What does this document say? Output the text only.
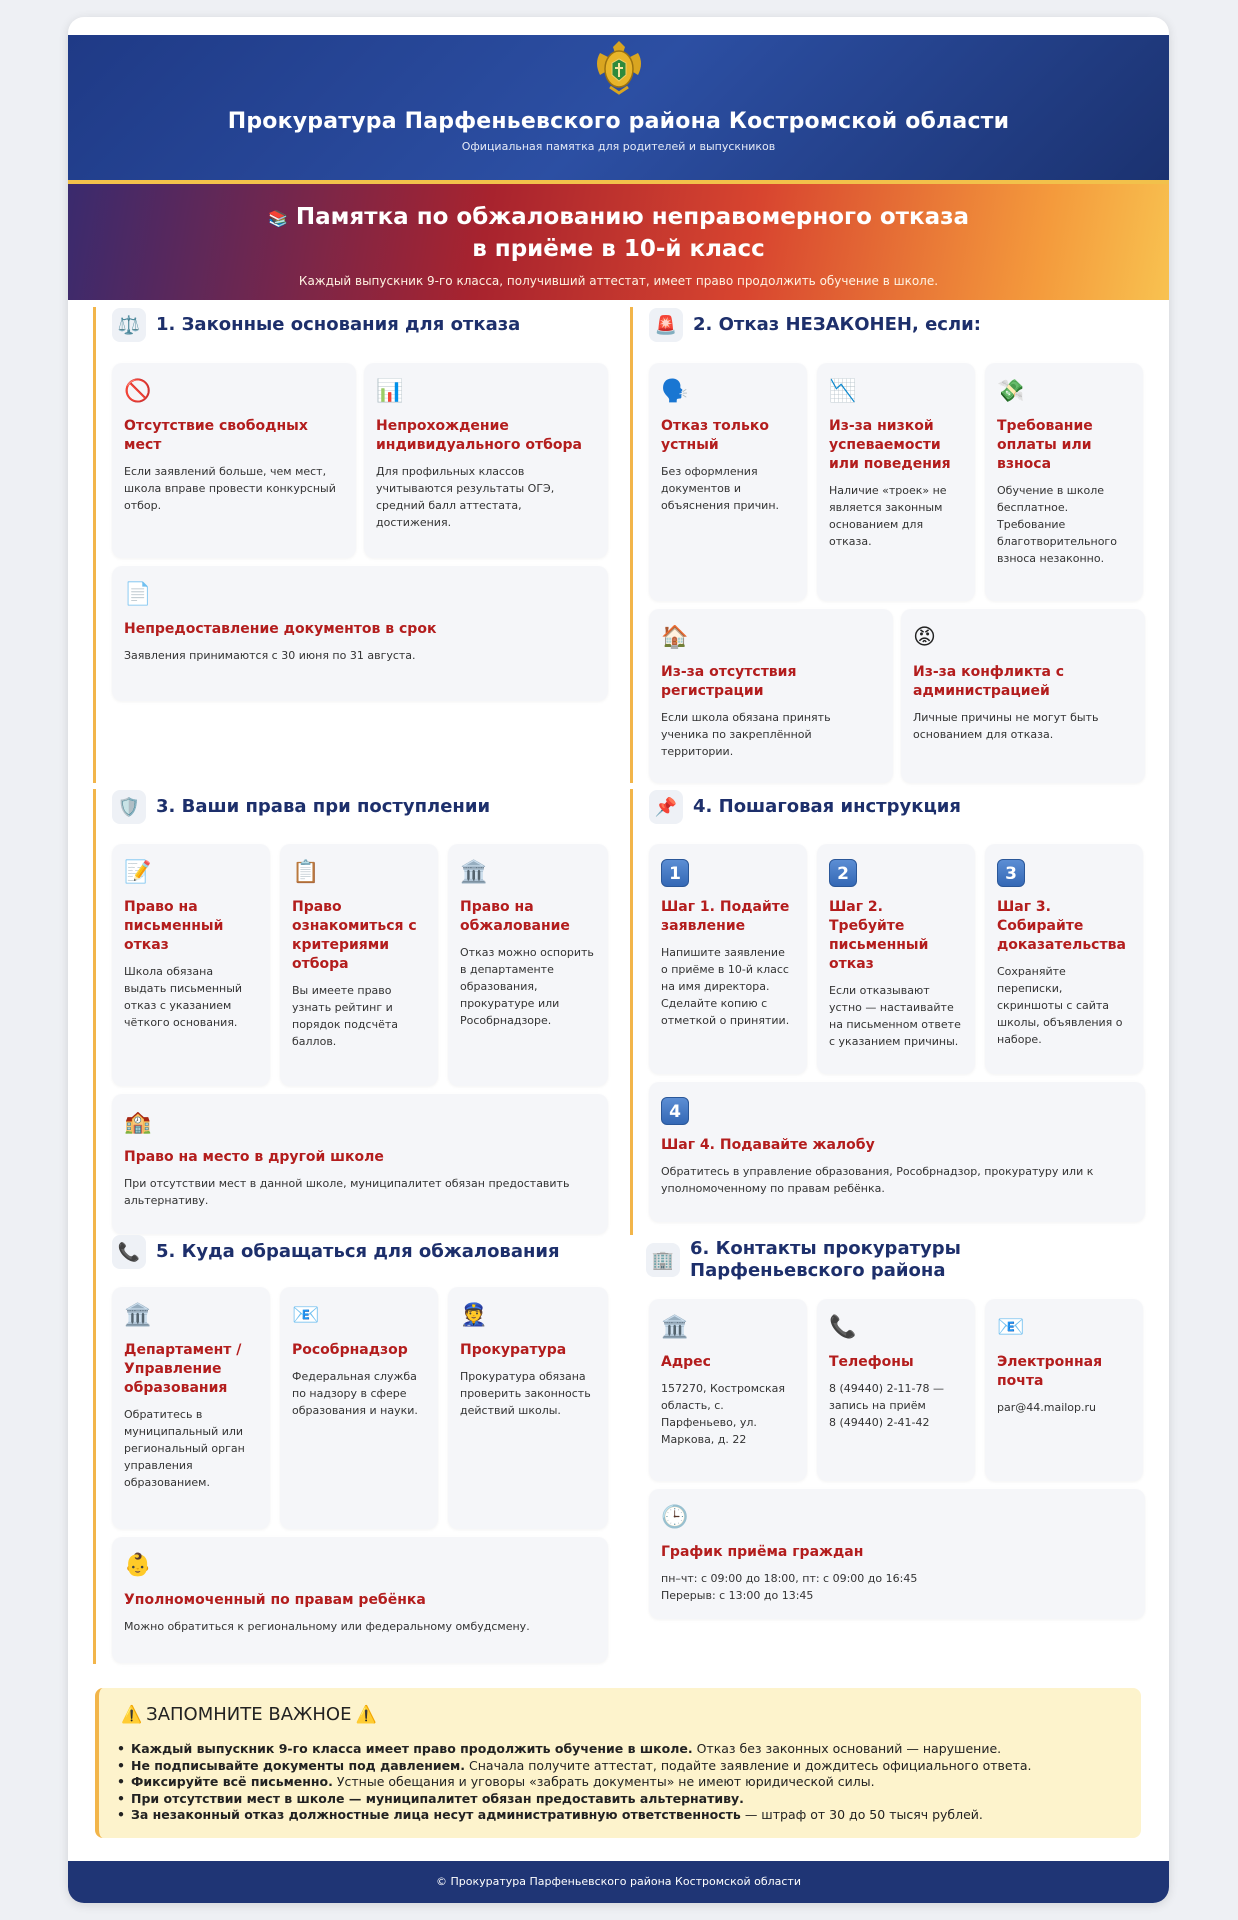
Прокуратура Парфеньевского района Костромской области
Официальная памятка для родителей и выпускников
📚 Памятка по обжалованию неправомерного отказа
в приёме в 10-й класс
Каждый выпускник 9-го класса, получивший аттестат, имеет право продолжить обучение в школе.
⚖️ 1. Законные основания для отказа
🚫
Отсутствие свободных мест
Если заявлений больше, чем мест, школа вправе провести конкурсный отбор.
📊
Непрохождение индивидуального отбора
Для профильных классов учитываются результаты ОГЭ, средний балл аттестата, достижения.
📄
Непредоставление документов в срок
Заявления принимаются с 30 июня по 31 августа.
🚨 2. Отказ НЕЗАКОНЕН, если:
🗣️
Отказ только устный
Без оформления документов и объяснения причин.
📉
Из-за низкой успеваемости или поведения
Наличие «троек» не является законным основанием для отказа.
💸
Требование оплаты или взноса
Обучение в школе бесплатное. Требование благотворительного взноса незаконно.
🏠
Из-за отсутствия регистрации
Если школа обязана принять ученика по закреплённой территории.
😡
Из-за конфликта с администрацией
Личные причины не могут быть основанием для отказа.
🛡️ 3. Ваши права при поступлении
📝
Право на письменный отказ
Школа обязана выдать письменный отказ с указанием чёткого основания.
📋
Право ознакомиться с критериями отбора
Вы имеете право узнать рейтинг и порядок подсчёта баллов.
🏛️
Право на обжалование
Отказ можно оспорить в департаменте образования, прокуратуре или Рособрнадзоре.
🏫
Право на место в другой школе
При отсутствии мест в данной школе, муниципалитет обязан предоставить альтернативу.
📌 4. Пошаговая инструкция
1
Шаг 1. Подайте заявление
Напишите заявление о приёме в 10-й класс на имя директора. Сделайте копию с отметкой о принятии.
2
Шаг 2. Требуйте письменный отказ
Если отказывают устно — настаивайте на письменном ответе с указанием причины.
3
Шаг 3. Собирайте доказательства
Сохраняйте переписки, скриншоты с сайта школы, объявления о наборе.
4
Шаг 4. Подавайте жалобу
Обратитесь в управление образования, Рособрнадзор, прокуратуру или к уполномоченному по правам ребёнка.
📞 5. Куда обращаться для обжалования
🏛️
Департамент / Управление образования
Обратитесь в муниципальный или региональный орган управления образованием.
📧
Рособрнадзор
Федеральная служба по надзору в сфере образования и науки.
👮
Прокуратура
Прокуратура обязана проверить законность действий школы.
👶
Уполномоченный по правам ребёнка
Можно обратиться к региональному или федеральному омбудсмену.
🏢
6. Контакты прокуратуры Парфеньевского района
🏛️
Адрес
157270, Костромская область, с. Парфеньево, ул. Маркова, д. 22
📞
Телефоны
8 (49440) 2-11-78 — запись на приём
8 (49440) 2-41-42
📧
Электронная почта
par@44.mailop.ru
🕒
График приёма граждан
пн–чт: с 09:00 до 18:00, пт: с 09:00 до 16:45
Перерыв: с 13:00 до 13:45
⚠️ ЗАПОМНИТЕ ВАЖНОЕ ⚠️
• Каждый выпускник 9-го класса имеет право продолжить обучение в школе. Отказ без законных оснований — нарушение.
• Не подписывайте документы под давлением. Сначала получите аттестат, подайте заявление и дождитесь официального ответа.
• Фиксируйте всё письменно. Устные обещания и уговоры «забрать документы» не имеют юридической силы.
• При отсутствии мест в школе — муниципалитет обязан предоставить альтернативу.
• За незаконный отказ должностные лица несут административную ответственность — штраф от 30 до 50 тысяч рублей.
© Прокуратура Парфеньевского района Костромской области
